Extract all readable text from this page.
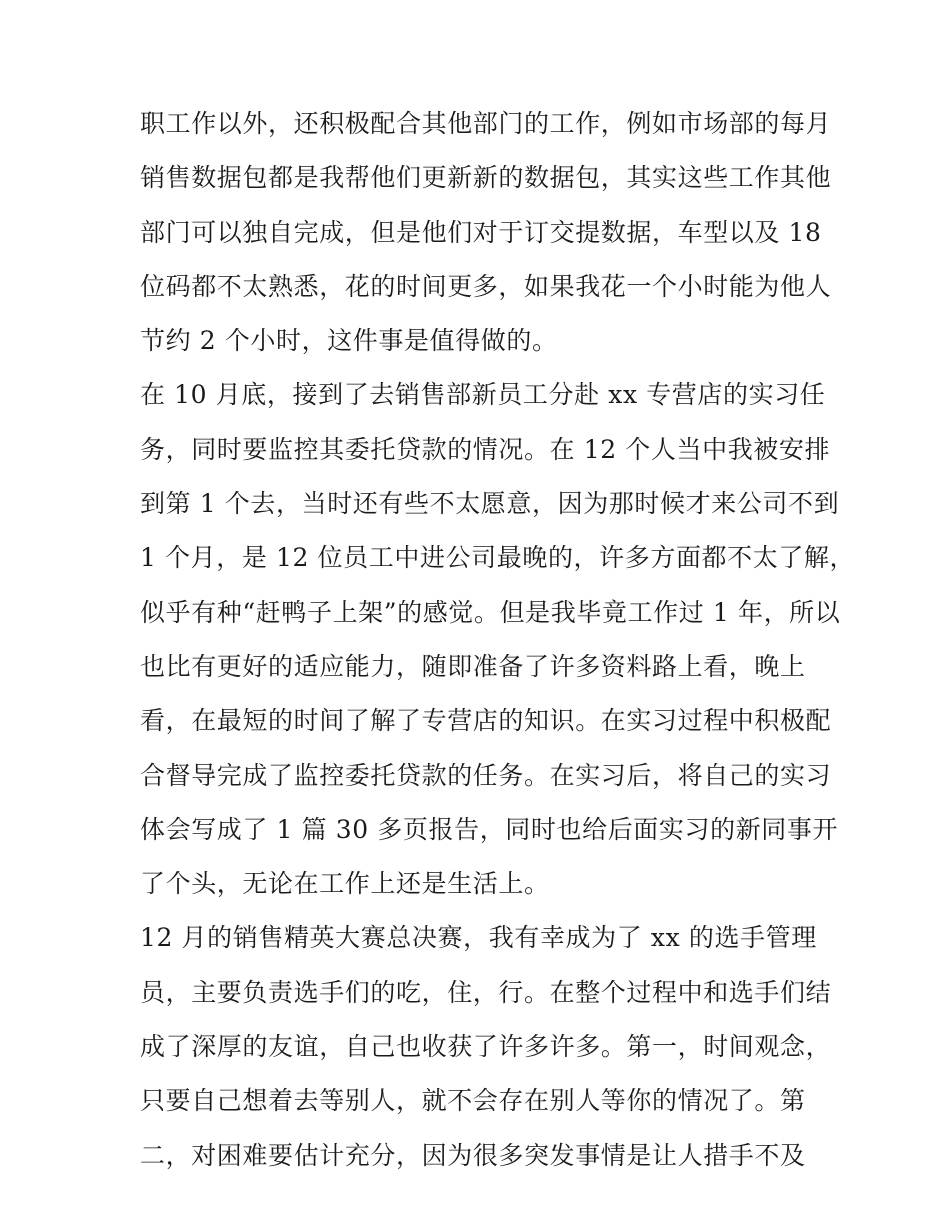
职工作以外，还积极配合其他部门的工作，例如市场部的每月
销售数据包都是我帮他们更新新的数据包，其实这些工作其他
部门可以独自完成，但是他们对于订交提数据，车型以及 18
位码都不太熟悉，花的时间更多，如果我花一个小时能为他人
节约 2 个小时，这件事是值得做的。
在 10 月底，接到了去销售部新员工分赴 xx 专营店的实习任
务，同时要监控其委托贷款的情况。在 12 个人当中我被安排
到第 1 个去，当时还有些不太愿意，因为那时候才来公司不到
1 个月，是 12 位员工中进公司最晚的，许多方面都不太了解，
似乎有种“赶鸭子上架”的感觉。但是我毕竟工作过 1 年，所以
也比有更好的适应能力，随即准备了许多资料路上看，晚上
看，在最短的时间了解了专营店的知识。在实习过程中积极配
合督导完成了监控委托贷款的任务。在实习后，将自己的实习
体会写成了 1 篇 30 多页报告，同时也给后面实习的新同事开
了个头，无论在工作上还是生活上。
12 月的销售精英大赛总决赛，我有幸成为了 xx 的选手管理
员，主要负责选手们的吃，住，行。在整个过程中和选手们结
成了深厚的友谊，自己也收获了许多许多。第一，时间观念，
只要自己想着去等别人，就不会存在别人等你的情况了。第
二，对困难要估计充分，因为很多突发事情是让人措手不及
